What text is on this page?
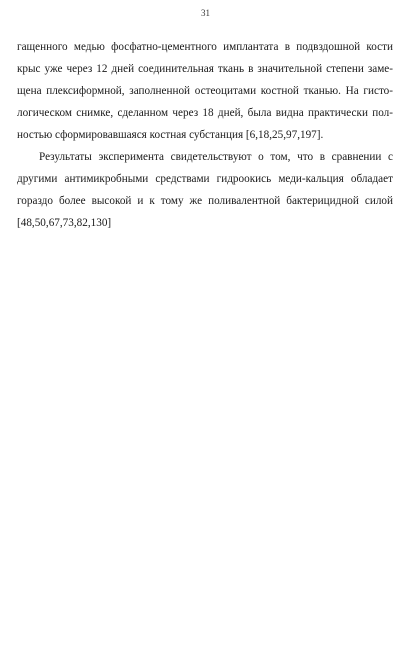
31
гащенного медью фосфатно-цементного имплантата в подвздошной кости
крыс уже через 12 дней соединительная ткань в значительной степени заме-
щена плексиформной, заполненной остеоцитами костной тканью. На гисто-
логическом снимке, сделанном через 18 дней, была видна практически пол-
ностью сформировавшаяся костная субстанция [6,18,25,97,197].
Результаты эксперимента свидетельствуют о том, что в сравнении с
другими антимикробными средствами гидроокись меди-кальция обладает
гораздо более высокой и к тому же поливалентной бактерицидной силой
[48,50,67,73,82,130]
